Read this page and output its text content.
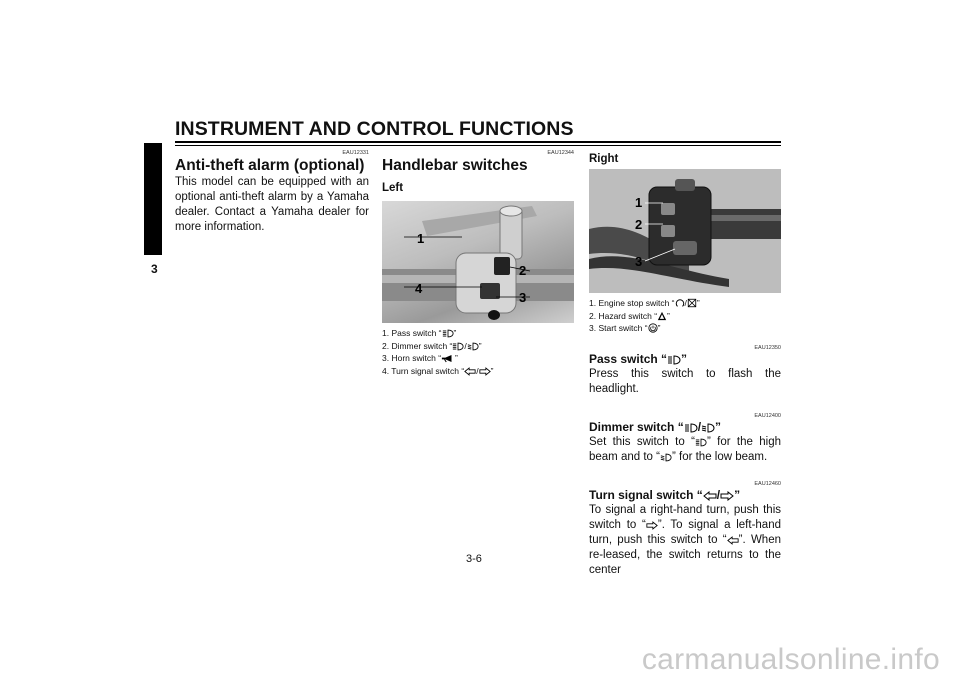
INSTRUMENT AND CONTROL FUNCTIONS
3
EAU12331
Anti-theft alarm (optional)

This model can be equipped with an optional anti-theft alarm by a Yamaha dealer. Contact a Yamaha dealer for more information.

EAU12344
Handlebar switches
Left
1
2
4
3
1. Pass switch “ ”
2. Dimmer switch “ / ”
3. Horn switch “ ”
4. Turn signal switch “ / ”
Right
1
2
3
1. Engine stop switch “ / ”
2. Hazard switch “ ”
3. Start switch “ ”
EAU12350
Pass switch “ ”

Press this switch to flash the headlight.

EAU12400
Dimmer switch “ / ”

Set this switch to “ ” for the high beam and to “ ” for the low beam.

EAU12460
Turn signal switch “ / ”

To signal a right-hand turn, push this switch to “ ”. To signal a left-hand turn, push this switch to “ ”. When re-leased, the switch returns to the center

3-6
carmanualsonline.info
